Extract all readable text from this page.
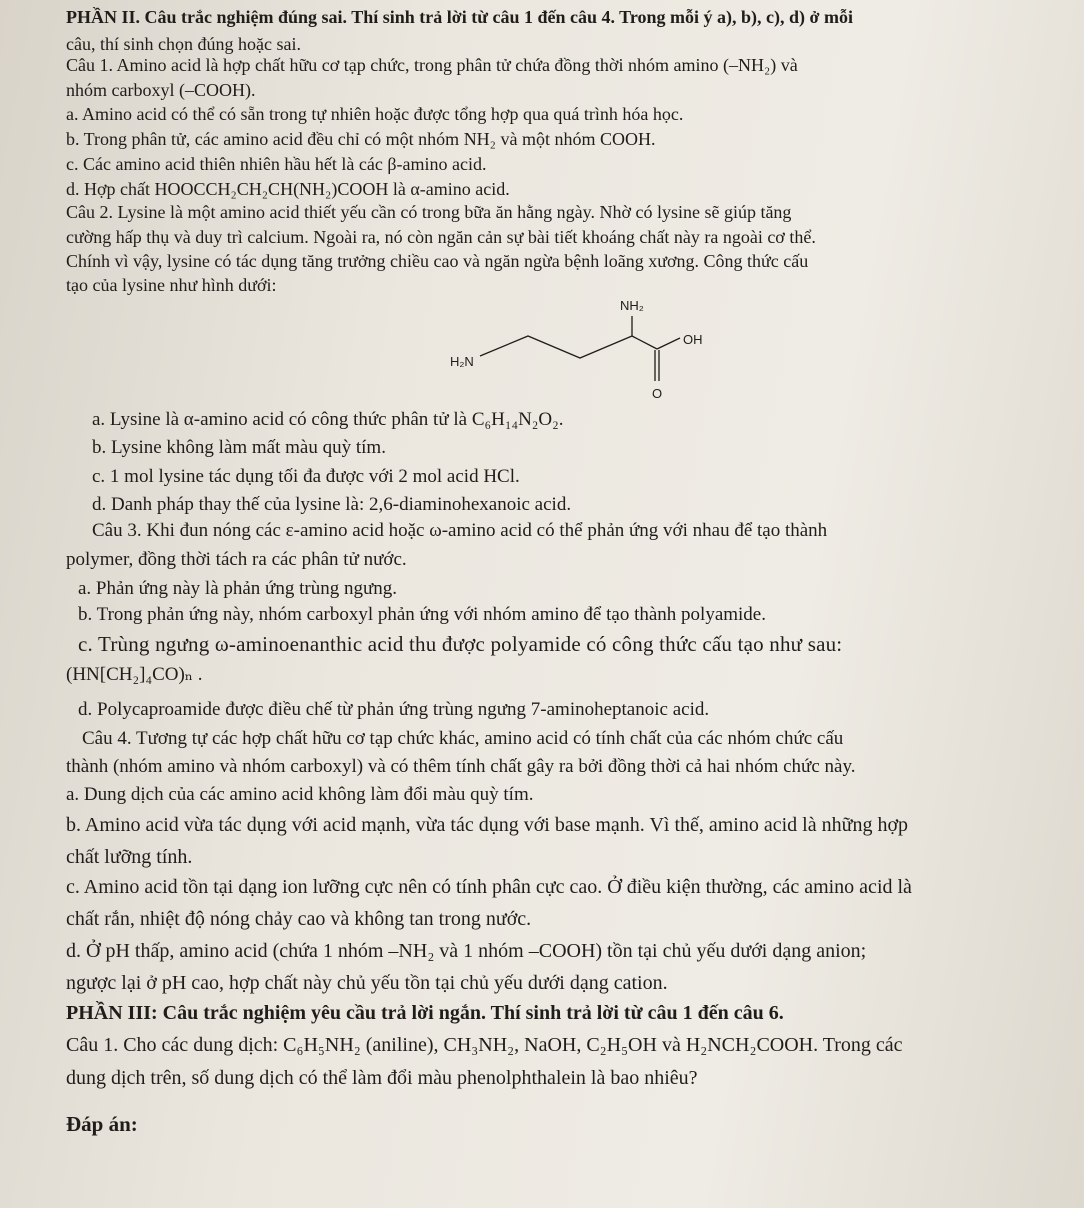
PHẦN II. Câu trắc nghiệm đúng sai. Thí sinh trả lời từ câu 1 đến câu 4. Trong mỗi ý a), b), c), d) ở mỗi
câu, thí sinh chọn đúng hoặc sai.
Câu 1. Amino acid là hợp chất hữu cơ tạp chức, trong phân tử chứa đồng thời nhóm amino (–NH₂) và
nhóm carboxyl (–COOH).
a. Amino acid có thể có sẵn trong tự nhiên hoặc được tổng hợp qua quá trình hóa học.
b. Trong phân tử, các amino acid đều chỉ có một nhóm NH₂ và một nhóm COOH.
c. Các amino acid thiên nhiên hầu hết là các β-amino acid.
d. Hợp chất HOOCCH₂CH₂CH(NH₂)COOH là α-amino acid.
Câu 2. Lysine là một amino acid thiết yếu cần có trong bữa ăn hằng ngày. Nhờ có lysine sẽ giúp tăng
cường hấp thụ và duy trì calcium. Ngoài ra, nó còn ngăn cản sự bài tiết khoáng chất này ra ngoài cơ thể.
Chính vì vậy, lysine có tác dụng tăng trưởng chiều cao và ngăn ngừa bệnh loãng xương. Công thức cấu
tạo của lysine như hình dưới:
NH₂
OH
H₂N
O
a. Lysine là α-amino acid có công thức phân tử là C₆H₁₄N₂O₂.
b. Lysine không làm mất màu quỳ tím.
c. 1 mol lysine tác dụng tối đa được với 2 mol acid HCl.
d. Danh pháp thay thế của lysine là: 2,6-diaminohexanoic acid.
Câu 3. Khi đun nóng các ε-amino acid hoặc ω-amino acid có thể phản ứng với nhau để tạo thành
polymer, đồng thời tách ra các phân tử nước.
a. Phản ứng này là phản ứng trùng ngưng.
b. Trong phản ứng này, nhóm carboxyl phản ứng với nhóm amino để tạo thành polyamide.
c. Trùng ngưng ω-aminoenanthic acid thu được polyamide có công thức cấu tạo như sau:
(HN[CH₂]₄CO)ₙ .
d. Polycaproamide được điều chế từ phản ứng trùng ngưng 7-aminoheptanoic acid.
Câu 4. Tương tự các hợp chất hữu cơ tạp chức khác, amino acid có tính chất của các nhóm chức cấu
thành (nhóm amino và nhóm carboxyl) và có thêm tính chất gây ra bởi đồng thời cả hai nhóm chức này.
a. Dung dịch của các amino acid không làm đổi màu quỳ tím.
b. Amino acid vừa tác dụng với acid mạnh, vừa tác dụng với base mạnh. Vì thế, amino acid là những hợp
chất lưỡng tính.
c. Amino acid tồn tại dạng ion lưỡng cực nên có tính phân cực cao. Ở điều kiện thường, các amino acid là
chất rắn, nhiệt độ nóng chảy cao và không tan trong nước.
d. Ở pH thấp, amino acid (chứa 1 nhóm –NH₂ và 1 nhóm –COOH) tồn tại chủ yếu dưới dạng anion;
ngược lại ở pH cao, hợp chất này chủ yếu tồn tại chủ yếu dưới dạng cation.
PHẦN III: Câu trắc nghiệm yêu cầu trả lời ngắn. Thí sinh trả lời từ câu 1 đến câu 6.
Câu 1. Cho các dung dịch: C₆H₅NH₂ (aniline), CH₃NH₂, NaOH, C₂H₅OH và H₂NCH₂COOH. Trong các
dung dịch trên, số dung dịch có thể làm đổi màu phenolphthalein là bao nhiêu?
Đáp án:
